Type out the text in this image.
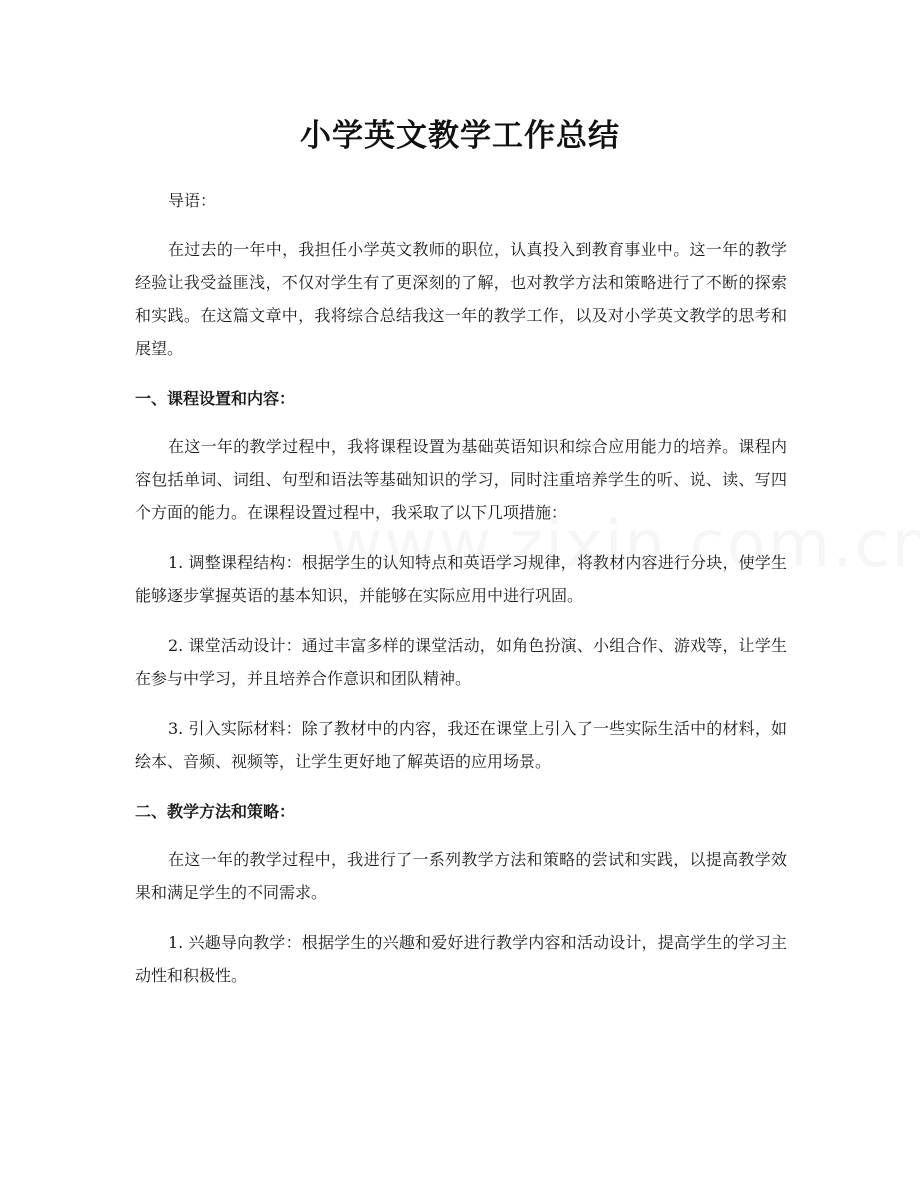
小学英文教学工作总结

导语：

在过去的一年中，我担任小学英文教师的职位，认真投入到教育事业中。这一年的教学经验让我受益匪浅，不仅对学生有了更深刻的了解，也对教学方法和策略进行了不断的探索和实践。在这篇文章中，我将综合总结我这一年的教学工作，以及对小学英文教学的思考和展望。

一、课程设置和内容：

在这一年的教学过程中，我将课程设置为基础英语知识和综合应用能力的培养。课程内容包括单词、词组、句型和语法等基础知识的学习，同时注重培养学生的听、说、读、写四个方面的能力。在课程设置过程中，我采取了以下几项措施：

1. 调整课程结构：根据学生的认知特点和英语学习规律，将教材内容进行分块，使学生能够逐步掌握英语的基本知识，并能够在实际应用中进行巩固。

2. 课堂活动设计：通过丰富多样的课堂活动，如角色扮演、小组合作、游戏等，让学生在参与中学习，并且培养合作意识和团队精神。

3. 引入实际材料：除了教材中的内容，我还在课堂上引入了一些实际生活中的材料，如绘本、音频、视频等，让学生更好地了解英语的应用场景。

二、教学方法和策略：

在这一年的教学过程中，我进行了一系列教学方法和策略的尝试和实践，以提高教学效果和满足学生的不同需求。

1. 兴趣导向教学：根据学生的兴趣和爱好进行教学内容和活动设计，提高学生的学习主动性和积极性。
